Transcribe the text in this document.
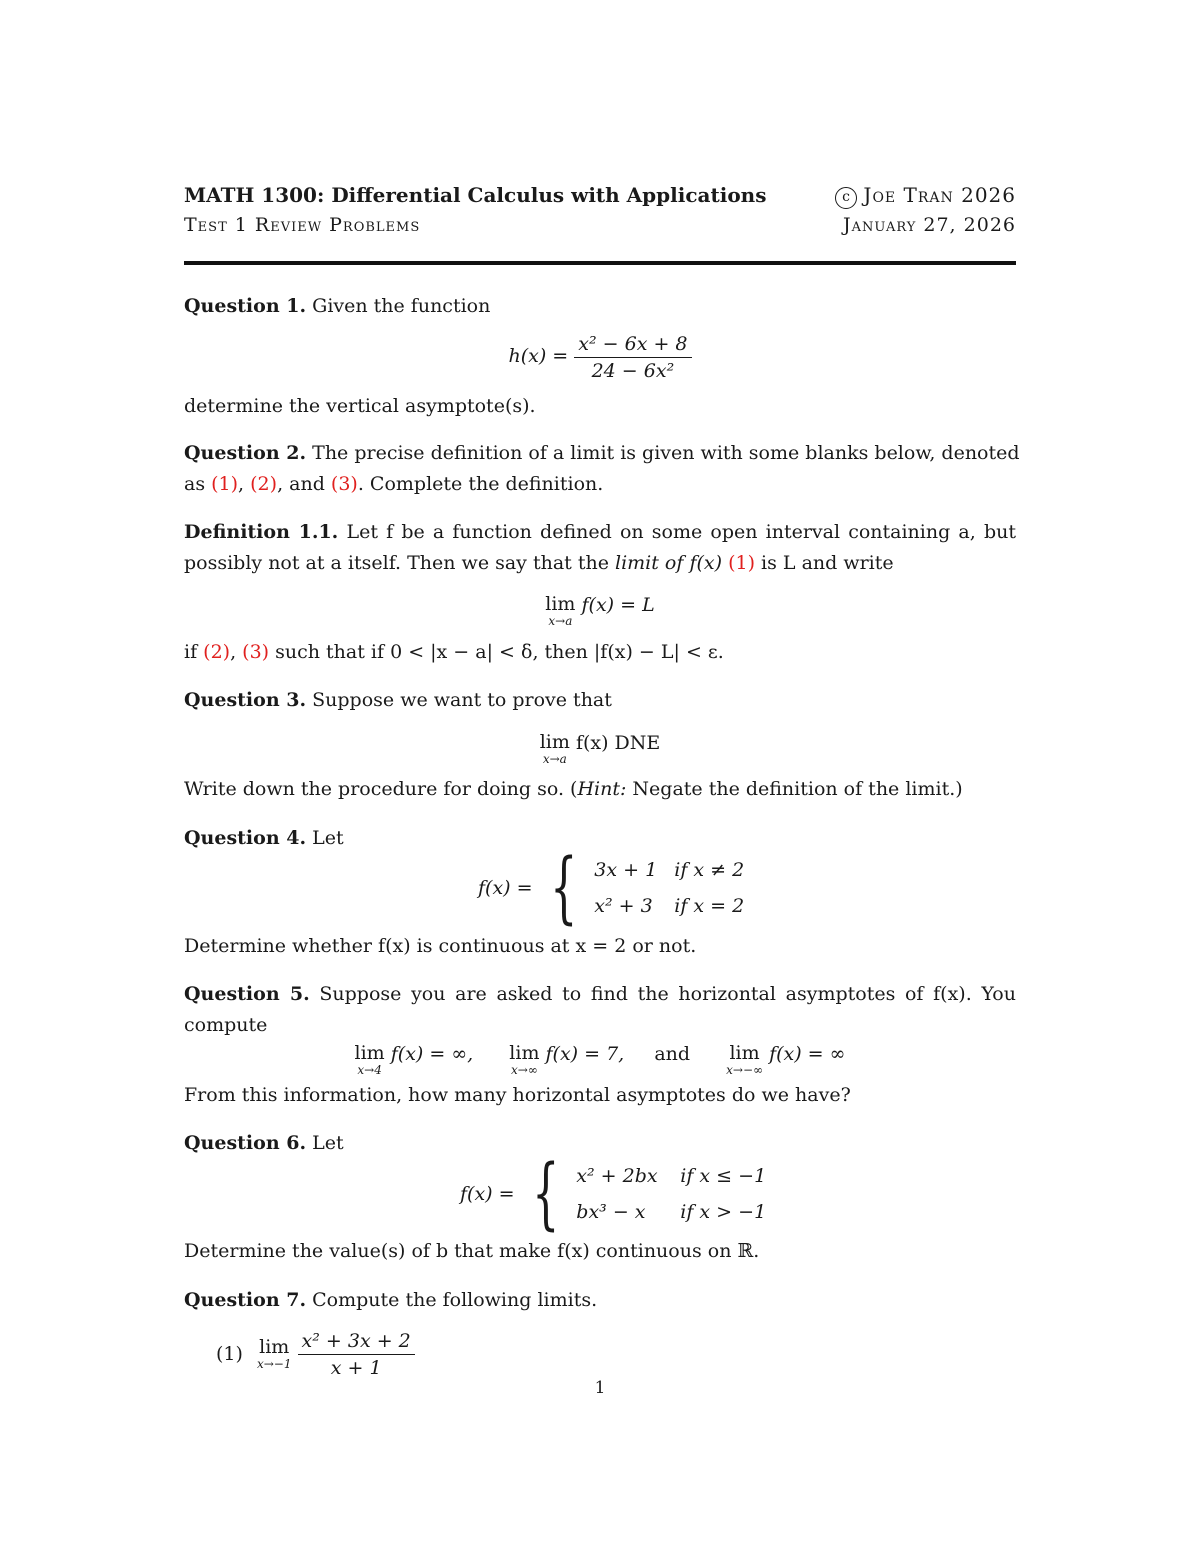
MATH 1300: Differential Calculus with Applications	c Joe Tran 2026
Test 1 Review Problems	January 27, 2026
Question 1. Given the function
$h(x) = \frac{\text{x² − 6x + 8}}{\text{24 − 6x²}}$
determine the vertical asymptote(s).
Question 2. The precise definition of a limit is given with some blanks below, denoted
as (1), (2), and (3). Complete the definition.
Definition 1.1. Let f be a function defined on some open interval containing a, but
possibly not at a itself. Then we say that the limit of f(x) (1) is L and write
lim
x→a
f(x) = L
if (2), (3) such that if 0 < |x − a| < δ, then |f(x) − L| < ε.
Question 3. Suppose we want to prove that
lim
x→a
f(x) DNE
Write down the procedure for doing so. (Hint: Negate the definition of the limit.)
Question 4. Let
f(x) = { 3x + 1 if x ≠ 2
x² + 3 if x = 2
Determine whether f(x) is continuous at x = 2 or not.
Question 5. Suppose you are asked to find the horizontal asymptotes of f(x). You
compute
lim
x→4
f(x) = ∞, lim
x→∞
f(x) = 7, and lim
x→−∞
f(x) = ∞
From this information, how many horizontal asymptotes do we have?
Question 6. Let
f(x) = { x² + 2bx if x ≤ −1
bx³ − x if x > −1
Determine the value(s) of b that make f(x) continuous on ℝ.
Question 7. Compute the following limits.
(1) lim
x→−1
$\frac{\text{x² + 3x + 2}}{x + 1}$
1
